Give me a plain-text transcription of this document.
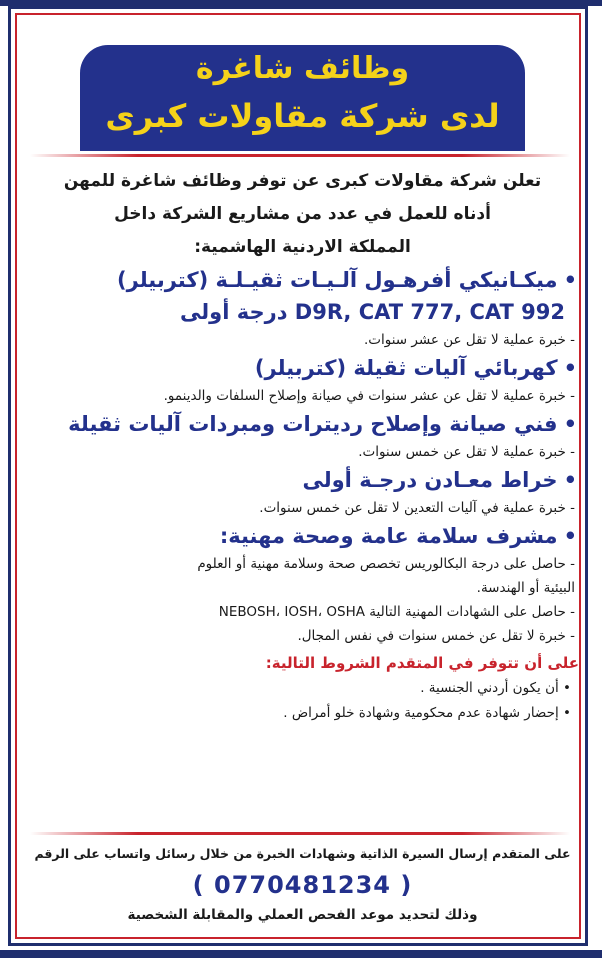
وظائف شاغرة
لدى شركة مقاولات كبرى

تعلن شركة مقاولات كبرى عن توفر وظائف شاغرة للمهن

أدناه للعمل في عدد من مشاريع الشركة داخل

المملكة الاردنية الهاشمية:

•ميكـانيكي أفرهـول آلـيـات ثقيـلـة (كتربيلر)

D9R, CAT 777, CAT 992 درجة أولى

- خبرة عملية لا تقل عن عشر سنوات.

•كهربائي آليات ثقيلة (كتربيلر)

- خبرة عملية لا تقل عن عشر سنوات في صيانة وإصلاح السلفات والدينمو.

•فني صيانة وإصلاح رديترات ومبردات آليات ثقيلة

- خبرة عملية لا تقل عن خمس سنوات.

•خراط معـادن درجـة أولى

- خبرة عملية في آليات التعدين لا تقل عن خمس سنوات.

•مشرف سلامة عامة وصحة مهنية:

- حاصل على درجة البكالوريس تخصص صحة وسلامة مهنية أو العلوم

البيئية أو الهندسة.

- حاصل على الشهادات المهنية التالية NEBOSH، IOSH، OSHA

- خبرة لا تقل عن خمس سنوات في نفس المجال.

على أن تتوفر في المتقدم الشروط التالية:

• أن يكون أردني الجنسية .

• إحضار شهادة عدم محكومية وشهادة خلو أمراض .

على المتقدم إرسال السيرة الذاتية وشهادات الخبرة من خلال رسائل واتساب على الرقم

( 0770481234 )

وذلك لتحديد موعد الفحص العملي والمقابلة الشخصية
